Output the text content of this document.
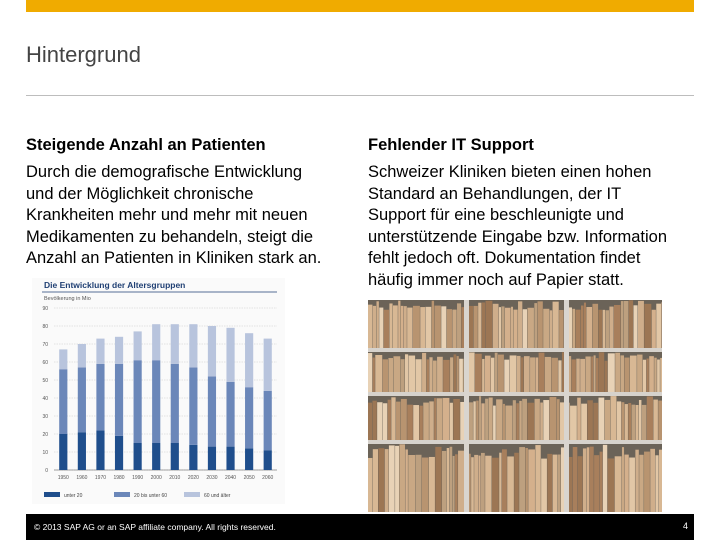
Hintergrund
Steigende Anzahl an Patienten

Durch die demografische Entwicklung
und der Möglichkeit chronische
Krankheiten mehr und mehr mit neuen
Medikamenten zu behandeln, steigt die
Anzahl an Patienten in Kliniken stark an.

Fehlender IT Support

Schweizer Kliniken bieten einen hohen
Standard an Behandlungen, der IT
Support für eine beschleunigte und
unterstützende Eingabe bzw. Information
fehlt jedoch oft. Dokumentation findet
häufig immer noch auf Papier statt.

Die Entwicklung der Altersgruppen
Bevölkerung in Mio
0
10
20
30
40
50
60
70
80
90
1950 1960 1970 1980 1990 2000 2010 2020 2030 2040 2050 2060
unter 20	20 bis unter 60	60 und älter
© 2013 SAP AG or an SAP affiliate company. All rights reserved.	4
